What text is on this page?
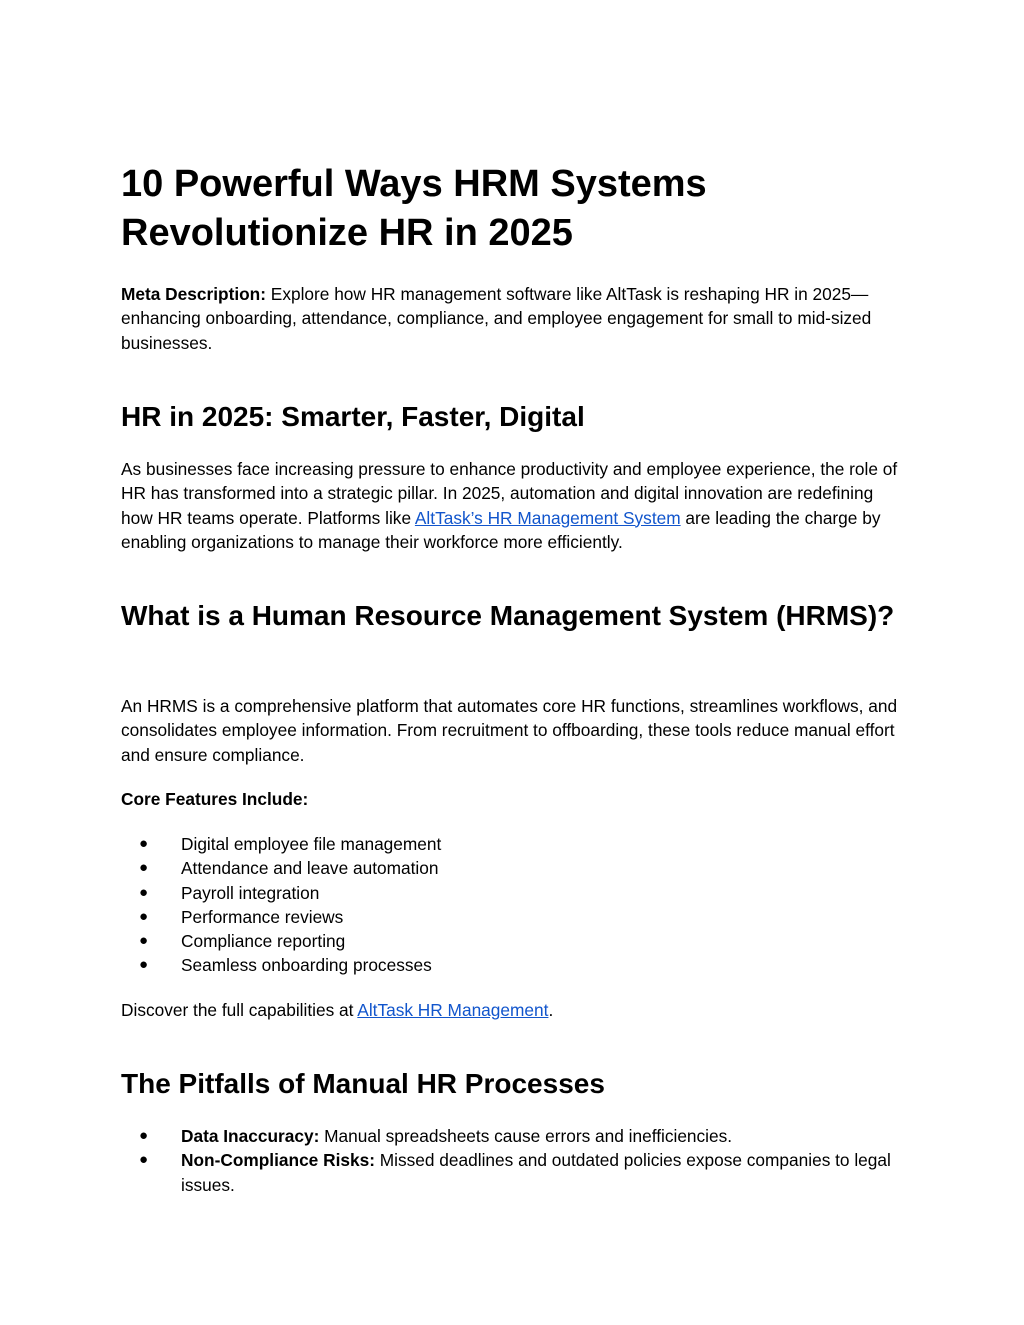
10 Powerful Ways HRM Systems Revolutionize HR in 2025

Meta Description: Explore how HR management software like AltTask is reshaping HR in 2025—enhancing onboarding, attendance, compliance, and employee engagement for small to mid-sized businesses.

HR in 2025: Smarter, Faster, Digital

As businesses face increasing pressure to enhance productivity and employee experience, the role of HR has transformed into a strategic pillar. In 2025, automation and digital innovation are redefining how HR teams operate. Platforms like AltTask’s HR Management System are leading the charge by enabling organizations to manage their workforce more efficiently.

What is a Human Resource Management System (HRMS)?

An HRMS is a comprehensive platform that automates core HR functions, streamlines workflows, and consolidates employee information. From recruitment to offboarding, these tools reduce manual effort and ensure compliance.

Core Features Include:

● Digital employee file management
● Attendance and leave automation
● Payroll integration
● Performance reviews
● Compliance reporting
● Seamless onboarding processes

Discover the full capabilities at AltTask HR Management.

The Pitfalls of Manual HR Processes
● Data Inaccuracy: Manual spreadsheets cause errors and inefficiencies.
● Non-Compliance Risks: Missed deadlines and outdated policies expose companies to legal issues.
